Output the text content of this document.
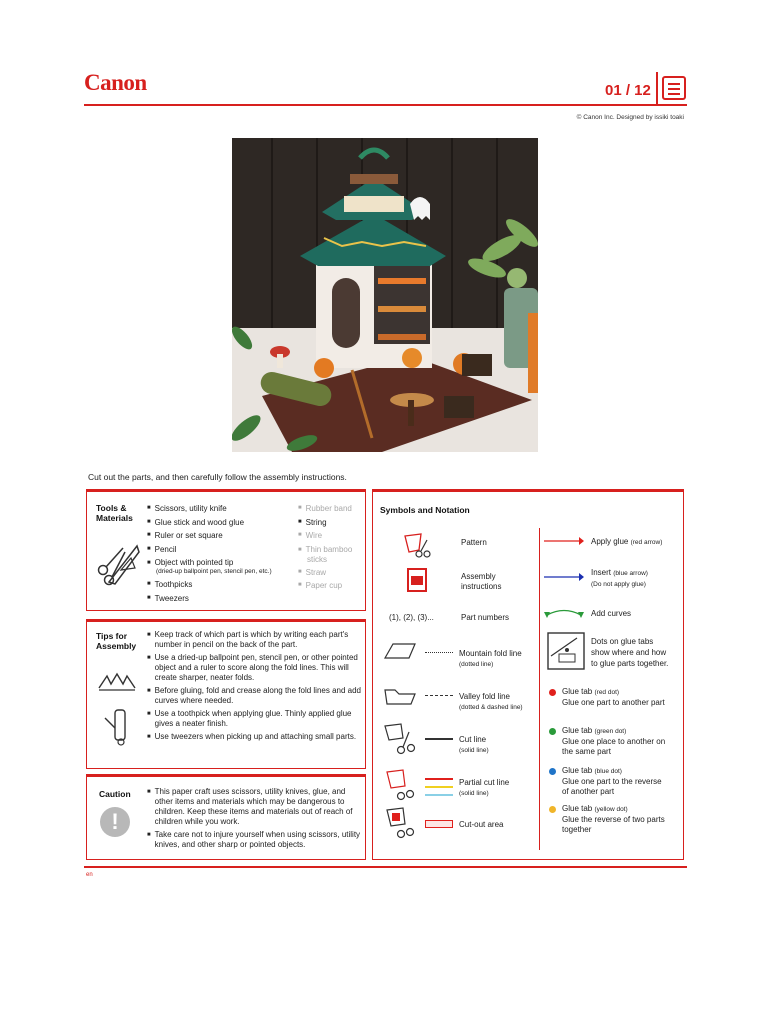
Canon	01 / 12
© Canon Inc. Designed by issiki toaki
Cut out the parts, and then carefully follow the assembly instructions.
Tools &
Materials
■ Scissors, utility knife
■ Glue stick and wood glue
■ Ruler or set square
■ Pencil
■ Object with pointed tip
(dried-up ballpoint pen, stencil pen, etc.)
■ Toothpicks
■ Tweezers
■ Rubber band
■ String
■ Wire
■ Thin bamboo
sticks
■ Straw
■ Paper cup
Tips for
Assembly
■ Keep track of which part is which by writing each part's number in pencil on the back of the part.
■ Use a dried-up ballpoint pen, stencil pen, or other pointed object and a ruler to score along the fold lines. This will create sharper, neater folds.
■ Before gluing, fold and crease along the fold lines and add curves where needed.
■ Use a toothpick when applying glue. Thinly applied glue gives a neater finish.
■ Use tweezers when picking up and attaching small parts.
Caution
!
■ This paper craft uses scissors, utility knives, glue, and other items and materials which may be dangerous to children. Keep these items and materials out of reach of children while you work.
■ Take care not to injure yourself when using scissors, utility knives, and other sharp or pointed objects.
Symbols and Notation
Pattern
Assembly
instructions
(1), (2), (3)...	Part numbers
Mountain fold line
(dotted line)
Valley fold line
(dotted & dashed line)
Cut line
(solid line)
Partial cut line
(solid line)
Cut-out area
Apply glue (red arrow)
Insert (blue arrow)
(Do not apply glue)
Add curves
Dots on glue tabs
show where and how
to glue parts together.
Glue tab (red dot)
Glue one part to another part
Glue tab (green dot)
Glue one place to another on
the same part
Glue tab (blue dot)
Glue one part to the reverse
of another part
Glue tab (yellow dot)
Glue the reverse of two parts
together
en
